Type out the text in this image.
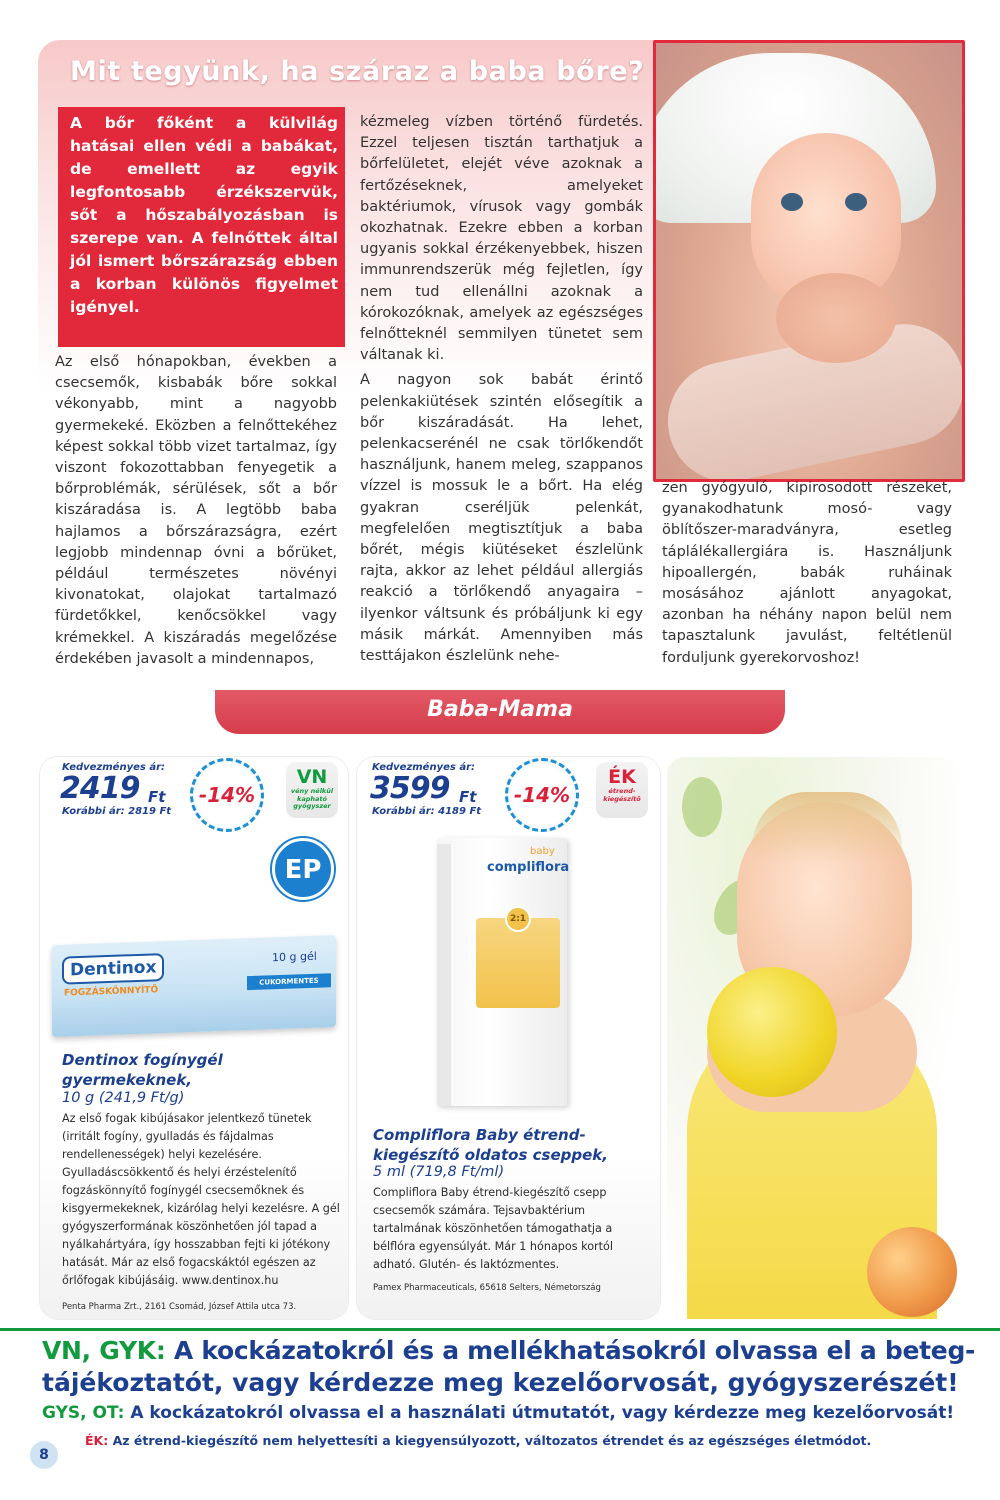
Mit tegyünk, ha száraz a baba bőre?

A bőr főként a külvilág hatásai ellen védi a babákat, de emellett az egyik legfontosabb érzékszervük, sőt a hőszabályozásban is szerepe van. A felnőttek által jól ismert bőrszárazság ebben a korban különös figyelmet igényel.

Az első hónapokban, években a csecsemők, kisbabák bőre sokkal vékonyabb, mint a nagyobb gyermekeké. Eközben a felnőttekéhez képest sokkal több vizet tartalmaz, így viszont fokozottabban fenyegetik a bőrproblémák, sérülések, sőt a bőr kiszáradása is. A legtöbb baba hajlamos a bőrszárazságra, ezért legjobb mindennap óvni a bőrüket, például természetes növényi kivonatokat, olajokat tartalmazó fürdetőkkel, kenőcsökkel vagy krémekkel. A kiszáradás megelőzése érdekében javasolt a mindennapos,

kézmeleg vízben történő fürdetés. Ezzel teljesen tisztán tarthatjuk a bőrfelületet, elejét véve azoknak a fertőzéseknek, amelyeket baktériumok, vírusok vagy gombák okozhatnak. Ezekre ebben a korban ugyanis sokkal érzékenyebbek, hiszen immunrendszerük még fejletlen, így nem tud ellenállni azoknak a kórokozóknak, amelyek az egészséges felnőtteknél semmilyen tünetet sem váltanak ki.

A nagyon sok babát érintő pelenkakiütések szintén elősegítik a bőr kiszáradását. Ha lehet, pelenkacserénél ne csak törlőkendőt használjunk, hanem meleg, szappanos vízzel is mossuk le a bőrt. Ha elég gyakran cseréljük pelenkát, megfelelően megtisztítjuk a baba bőrét, mégis kiütéseket észlelünk rajta, akkor az lehet például allergiás reakció a törlőkendő anyagaira – ilyenkor váltsunk és próbáljunk ki egy másik márkát. Amennyiben más testtájakon észlelünk nehe-

zen gyógyuló, kipirosodott részeket, gyanakodhatunk mosó- vagy öblítőszer-maradványra, esetleg táplálékallergiára is. Használjunk hipoallergén, babák ruháinak mosásához ajánlott anyagokat, azonban ha néhány napon belül nem tapasztalunk javulást, feltétlenül forduljunk gyerekorvoshoz!

Baba-Mama
Kedvezményes ár:
2419 Ft
Korábbi ár: 2819 Ft
-14%
VN
vény nélkül kapható gyógyszer
EP
Dentinox
10 g gél
CUKORMENTES
FOGZÁSKÖNNYÍTŐ
Dentinox fogínygél gyermekeknek,
10 g (241,9 Ft/g)
Az első fogak kibújásakor jelentkező tünetek (irritált fogíny, gyulladás és fájdalmas rendellenességek) helyi kezelésére. Gyulladáscsökkentő és helyi érzéstelenítő fogzáskönnyítő fogínygél csecsemőknek és kisgyermekeknek, kizárólag helyi kezelésre. A gél gyógyszerformának köszönhetően jól tapad a nyálkahártyára, így hosszabban fejti ki jótékony hatását. Már az első fogacskáktól egészen az őrlőfogak kibújásáig. www.dentinox.hu
Penta Pharma Zrt., 2161 Csomád, József Attila utca 73.
Kedvezményes ár:
3599 Ft
Korábbi ár: 4189 Ft
-14%
ÉK
étrend-kiegészítő
baby
compliflora
2:1
Compliflora Baby étrend-kiegészítő oldatos cseppek,
5 ml (719,8 Ft/ml)
Compliflora Baby étrend-kiegészítő csepp csecsemők számára. Tejsavbaktérium tartalmának köszönhetően támogathatja a bélflóra egyensúlyát. Már 1 hónapos kortól adható. Glutén- és laktózmentes.
Pamex Pharmaceuticals, 65618 Selters, Németország
VN, GYK: A kockázatokról és a mellékhatásokról olvassa el a beteg-
tájékoztatót, vagy kérdezze meg kezelőorvosát, gyógyszerészét!
GYS, OT: A kockázatokról olvassa el a használati útmutatót, vagy kérdezze meg kezelőorvosát!
ÉK: Az étrend-kiegészítő nem helyettesíti a kiegyensúlyozott, változatos étrendet és az egészséges életmódot.
8
